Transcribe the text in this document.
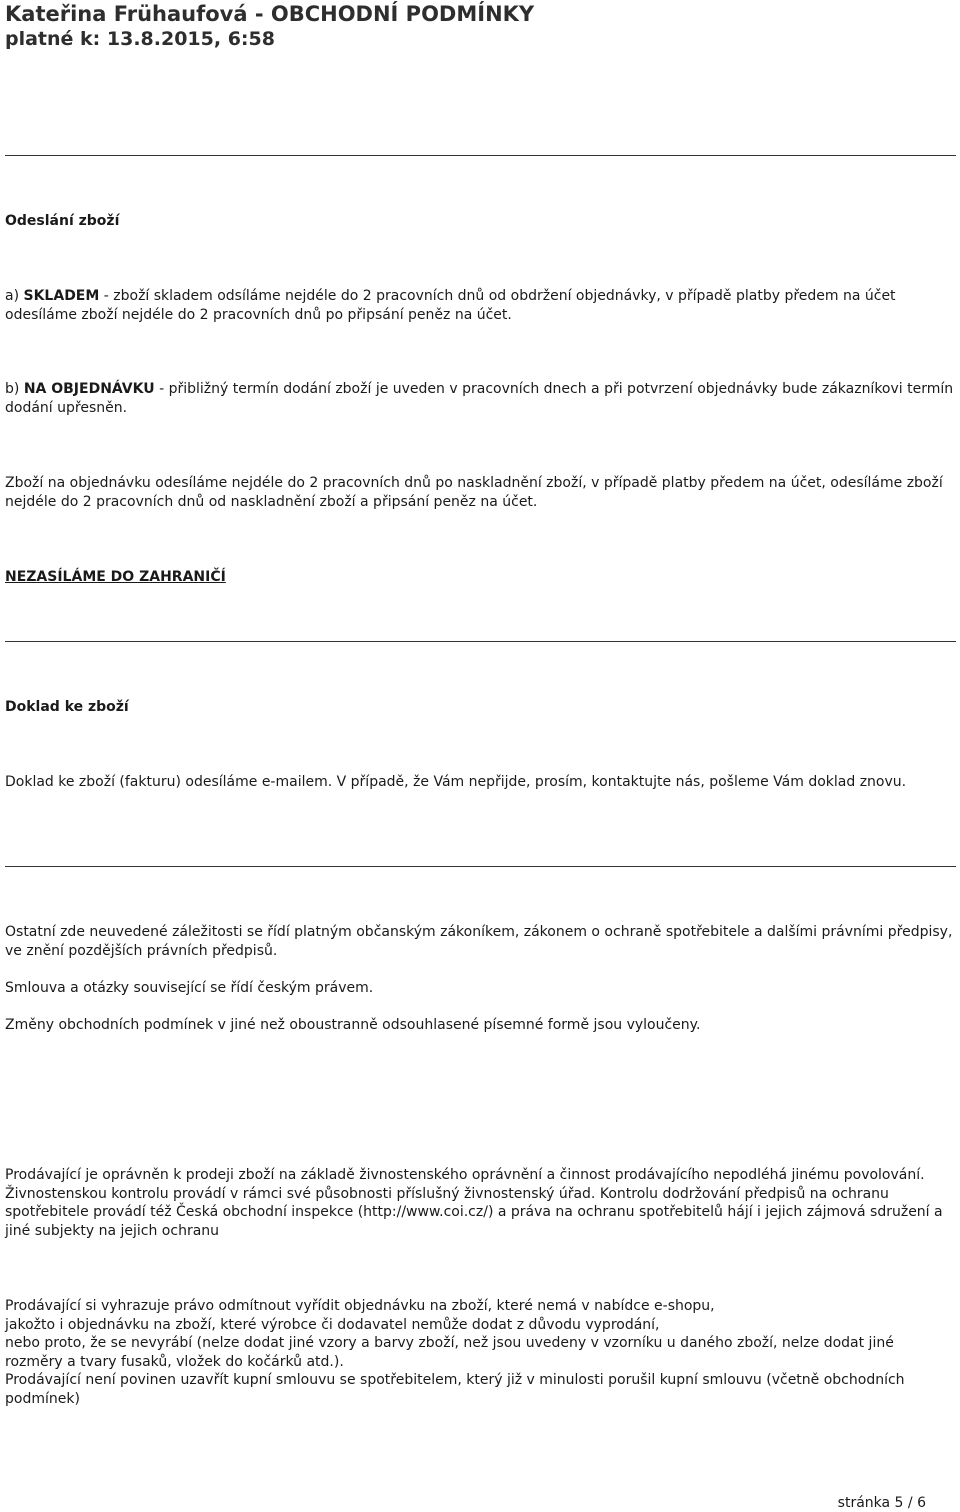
Kateřina Frühaufová - OBCHODNÍ PODMÍNKY
platné k: 13.8.2015, 6:58
Odeslání zboží

a) SKLADEM - zboží skladem odsíláme nejdéle do 2 pracovních dnů od obdržení objednávky, v případě platby předem na účet odesíláme zboží nejdéle do 2 pracovních dnů po připsání peněz na účet.

b) NA OBJEDNÁVKU - přibližný termín dodání zboží je uveden v pracovních dnech a při potvrzení objednávky bude zákazníkovi termín dodání upřesněn.

Zboží na objednávku odesíláme nejdéle do 2 pracovních dnů po naskladnění zboží, v případě platby předem na účet, odesíláme zboží nejdéle do 2 pracovních dnů od naskladnění zboží a připsání peněz na účet.

NEZASÍLÁME DO ZAHRANIČÍ
Doklad ke zboží

Doklad ke zboží (fakturu) odesíláme e-mailem. V případě, že Vám nepřijde, prosím, kontaktujte nás, pošleme Vám doklad znovu.

Ostatní zde neuvedené záležitosti se řídí platným občanským zákoníkem, zákonem o ochraně spotřebitele a dalšími právními předpisy, ve znění pozdějších právních předpisů.

Smlouva a otázky související se řídí českým právem.

Změny obchodních podmínek v jiné než oboustranně odsouhlasené písemné formě jsou vyloučeny.

Prodávající je oprávněn k prodeji zboží na základě živnostenského oprávnění a činnost prodávajícího nepodléhá jinému povolování. Živnostenskou kontrolu provádí v rámci své působnosti příslušný živnostenský úřad. Kontrolu dodržování předpisů na ochranu spotřebitele provádí též Česká obchodní inspekce (http://www.coi.cz/) a práva na ochranu spotřebitelů hájí i jejich zájmová sdružení a jiné subjekty na jejich ochranu

Prodávající si vyhrazuje právo odmítnout vyřídit objednávku na zboží, které nemá v nabídce e-shopu,
jakožto i objednávku na zboží, které výrobce či dodavatel nemůže dodat z důvodu vyprodání,
nebo proto, že se nevyrábí (nelze dodat jiné vzory a barvy zboží, než jsou uvedeny v vzorníku u daného zboží, nelze dodat jiné rozměry a tvary fusaků, vložek do kočárků atd.).
Prodávající není povinen uzavřít kupní smlouvu se spotřebitelem, který již v minulosti porušil kupní smlouvu (včetně obchodních podmínek)
stránka 5 / 6
